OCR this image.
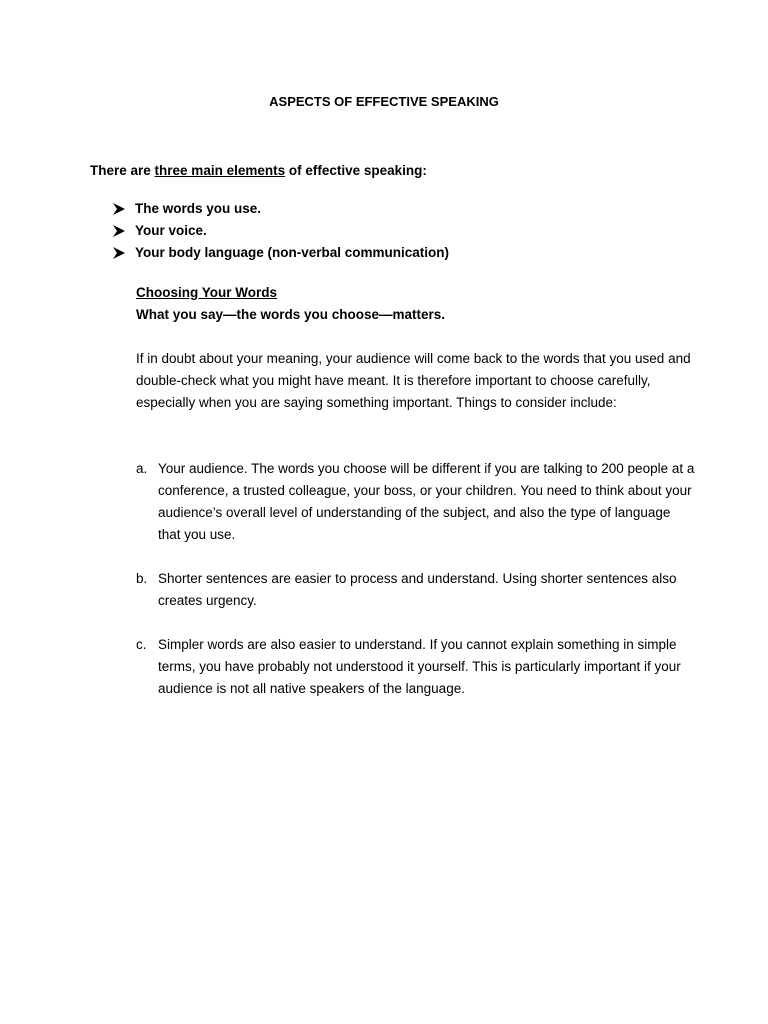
ASPECTS OF EFFECTIVE SPEAKING
There are three main elements of effective speaking:
The words you use.
Your voice.
Your body language (non-verbal communication)
Choosing Your Words
What you say—the words you choose—matters.

If in doubt about your meaning, your audience will come back to the words that you used and double-check what you might have meant. It is therefore important to choose carefully, especially when you are saying something important. Things to consider include:

a. Your audience. The words you choose will be different if you are talking to 200 people at a conference, a trusted colleague, your boss, or your children. You need to think about your audience’s overall level of understanding of the subject, and also the type of language that you use.
b. Shorter sentences are easier to process and understand. Using shorter sentences also creates urgency.
c. Simpler words are also easier to understand. If you cannot explain something in simple terms, you have probably not understood it yourself. This is particularly important if your audience is not all native speakers of the language.
